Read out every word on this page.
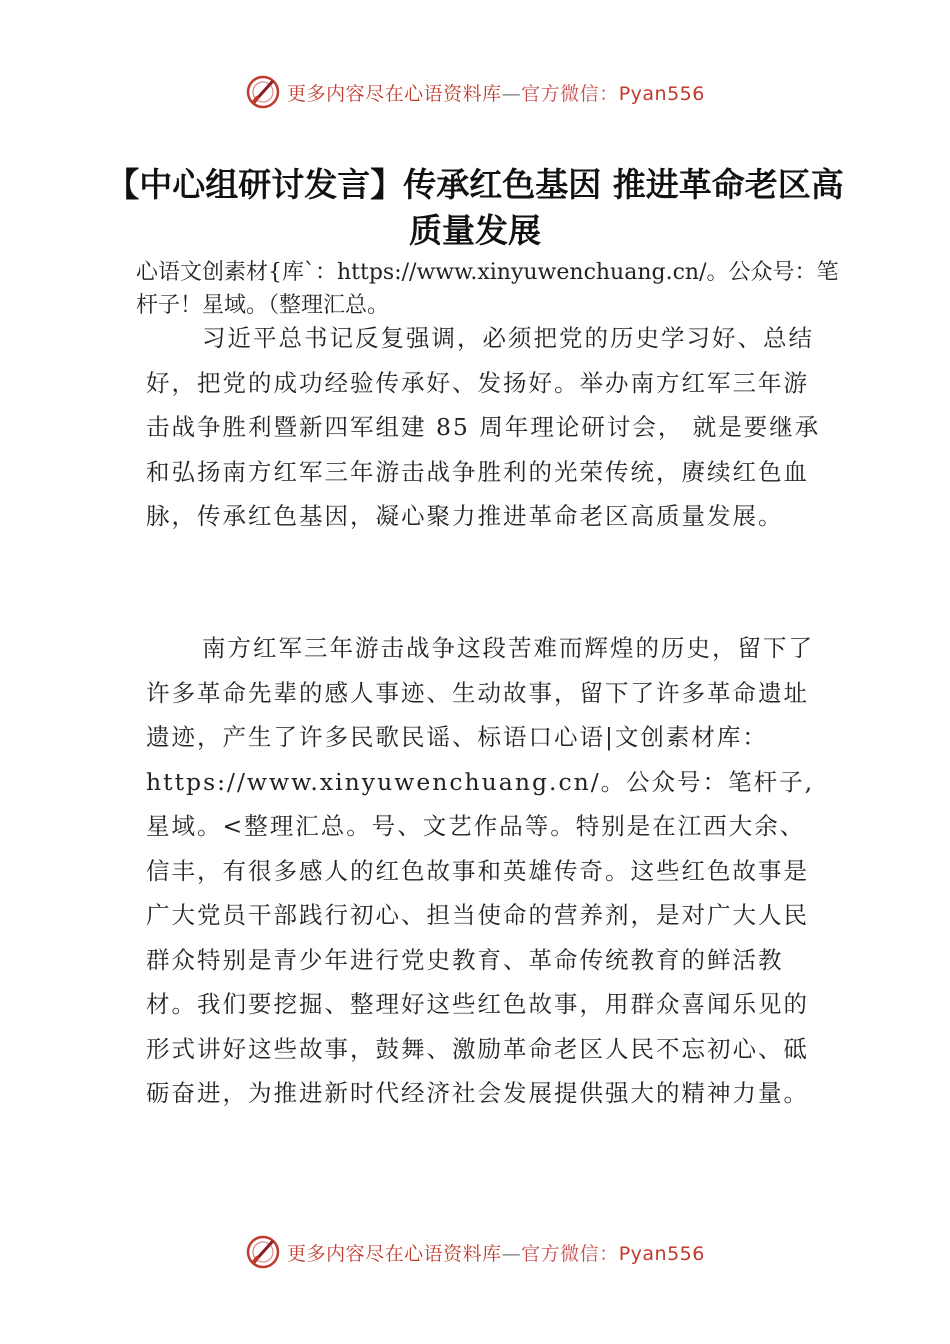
更多内容尽在心语资料库—官方微信：Pyan556
【中心组研讨发言】传承红色基因 推进革命老区高质量发展
心语文创素材{库`：https://www.xinyuwenchuang.cn/。公众号：笔杆子！星域。（整理汇总。

习近平总书记反复强调，必须把党的历史学习好、总结好，把党的成功经验传承好、发扬好。举办南方红军三年游击战争胜利暨新四军组建 85 周年理论研讨会， 就是要继承和弘扬南方红军三年游击战争胜利的光荣传统，赓续红色血脉，传承红色基因，凝心聚力推进革命老区高质量发展。

南方红军三年游击战争这段苦难而辉煌的历史，留下了许多革命先辈的感人事迹、生动故事，留下了许多革命遗址遗迹，产生了许多民歌民谣、标语口心语|文创素材库：https://www.xinyuwenchuang.cn/。公众号：笔杆子,星域。<整理汇总。号、文艺作品等。特别是在江西大余、信丰，有很多感人的红色故事和英雄传奇。这些红色故事是广大党员干部践行初心、担当使命的营养剂，是对广大人民群众特别是青少年进行党史教育、革命传统教育的鲜活教材。我们要挖掘、整理好这些红色故事，用群众喜闻乐见的形式讲好这些故事，鼓舞、激励革命老区人民不忘初心、砥砺奋进，为推进新时代经济社会发展提供强大的精神力量。

更多内容尽在心语资料库—官方微信：Pyan556
